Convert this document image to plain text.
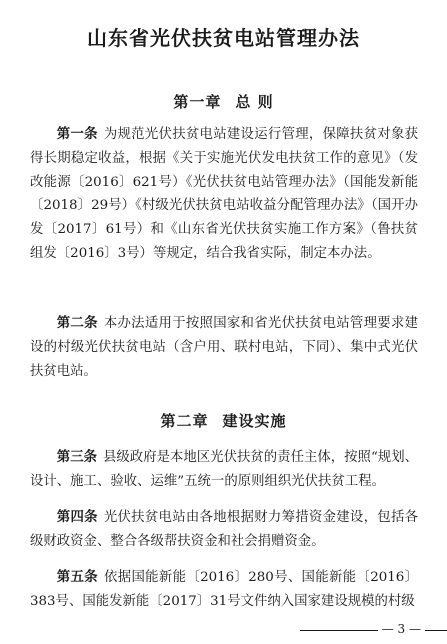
山东省光伏扶贫电站管理办法
第一章 总 则
第一条 为规范光伏扶贫电站建设运行管理，保障扶贫对象获得长期稳定收益，根据《关于实施光伏发电扶贫工作的意见》（发改能源〔2016〕621号）《光伏扶贫电站管理办法》（国能发新能〔2018〕29号）《村级光伏扶贫电站收益分配管理办法》（国开办发〔2017〕61号）和《山东省光伏扶贫实施工作方案》（鲁扶贫组发〔2016〕3号）等规定，结合我省实际，制定本办法。
第二条 本办法适用于按照国家和省光伏扶贫电站管理要求建设的村级光伏扶贫电站（含户用、联村电站，下同）、集中式光伏扶贫电站。
第二章 建设实施
第三条 县级政府是本地区光伏扶贫的责任主体，按照“规划、设计、施工、验收、运维”五统一的原则组织光伏扶贫工程。
第四条 光伏扶贫电站由各地根据财力筹措资金建设，包括各级财政资金、整合各级帮扶资金和社会捐赠资金。
第五条 依据国能新能〔2016〕280号、国能新能〔2016〕383号、国能发新能〔2017〕31号文件纳入国家建设规模的村级
— 3 —
